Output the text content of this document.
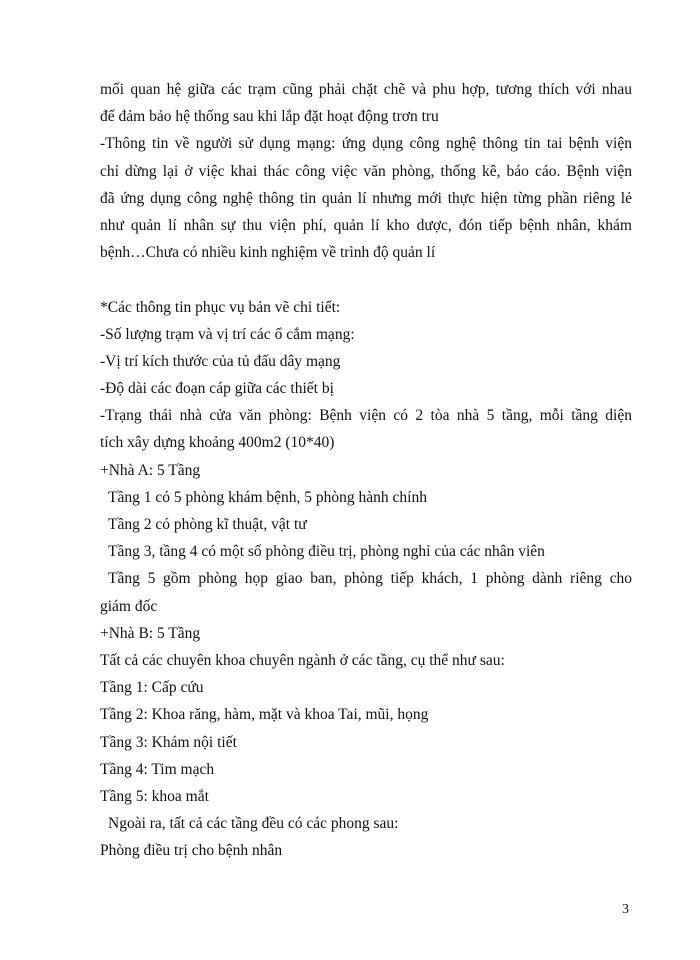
mối quan hệ giữa các trạm cũng phải chặt chẽ và phu hợp, tương thích với nhau
để đảm bảo hệ thống sau khi lắp đặt hoạt động trơn tru
-Thông tin về người sử dụng mạng: ứng dụng công nghệ thông tin tai bệnh viện
chỉ dừng lại ở việc khai thác công việc văn phòng, thống kê, báo cáo. Bệnh viện
đã ứng dụng công nghệ thông tin quản lí nhưng mới thực hiện từng phần riêng lẻ
như quản lí nhân sự thu viện phí, quản lí kho dược, đón tiếp bệnh nhân, khám
bệnh…Chưa có nhiều kinh nghiệm về trình độ quản lí
*Các thông tin phục vụ bản vẽ chi tiết:
-Số lượng trạm và vị trí các ổ cắm mạng:
-Vị trí kích thước của tủ đấu dây mạng
-Độ dài các đoạn cáp giữa các thiết bị
-Trạng thái nhà cửa văn phòng: Bệnh viện có 2 tòa nhà 5 tầng, mỗi tầng diện
tích xây dựng khoảng 400m2 (10*40)
+Nhà A: 5 Tầng
Tầng 1 có 5 phòng khám bệnh, 5 phòng hành chính
Tầng 2 có phòng kĩ thuật, vật tư
Tầng 3, tầng 4 có một số phòng điều trị, phòng nghỉ của các nhân viên
Tầng 5 gồm phòng họp giao ban, phòng tiếp khách, 1 phòng dành riêng cho
giám đốc
+Nhà B: 5 Tầng
Tất cả các chuyên khoa chuyên ngành ở các tầng, cụ thể như sau:
Tầng 1: Cấp cứu
Tầng 2: Khoa răng, hàm, mặt và khoa Tai, mũi, họng
Tầng 3: Khám nội tiết
Tầng 4: Tim mạch
Tầng 5: khoa mắt
Ngoài ra, tất cả các tầng đều có các phong sau:
Phòng điều trị cho bệnh nhân
3
